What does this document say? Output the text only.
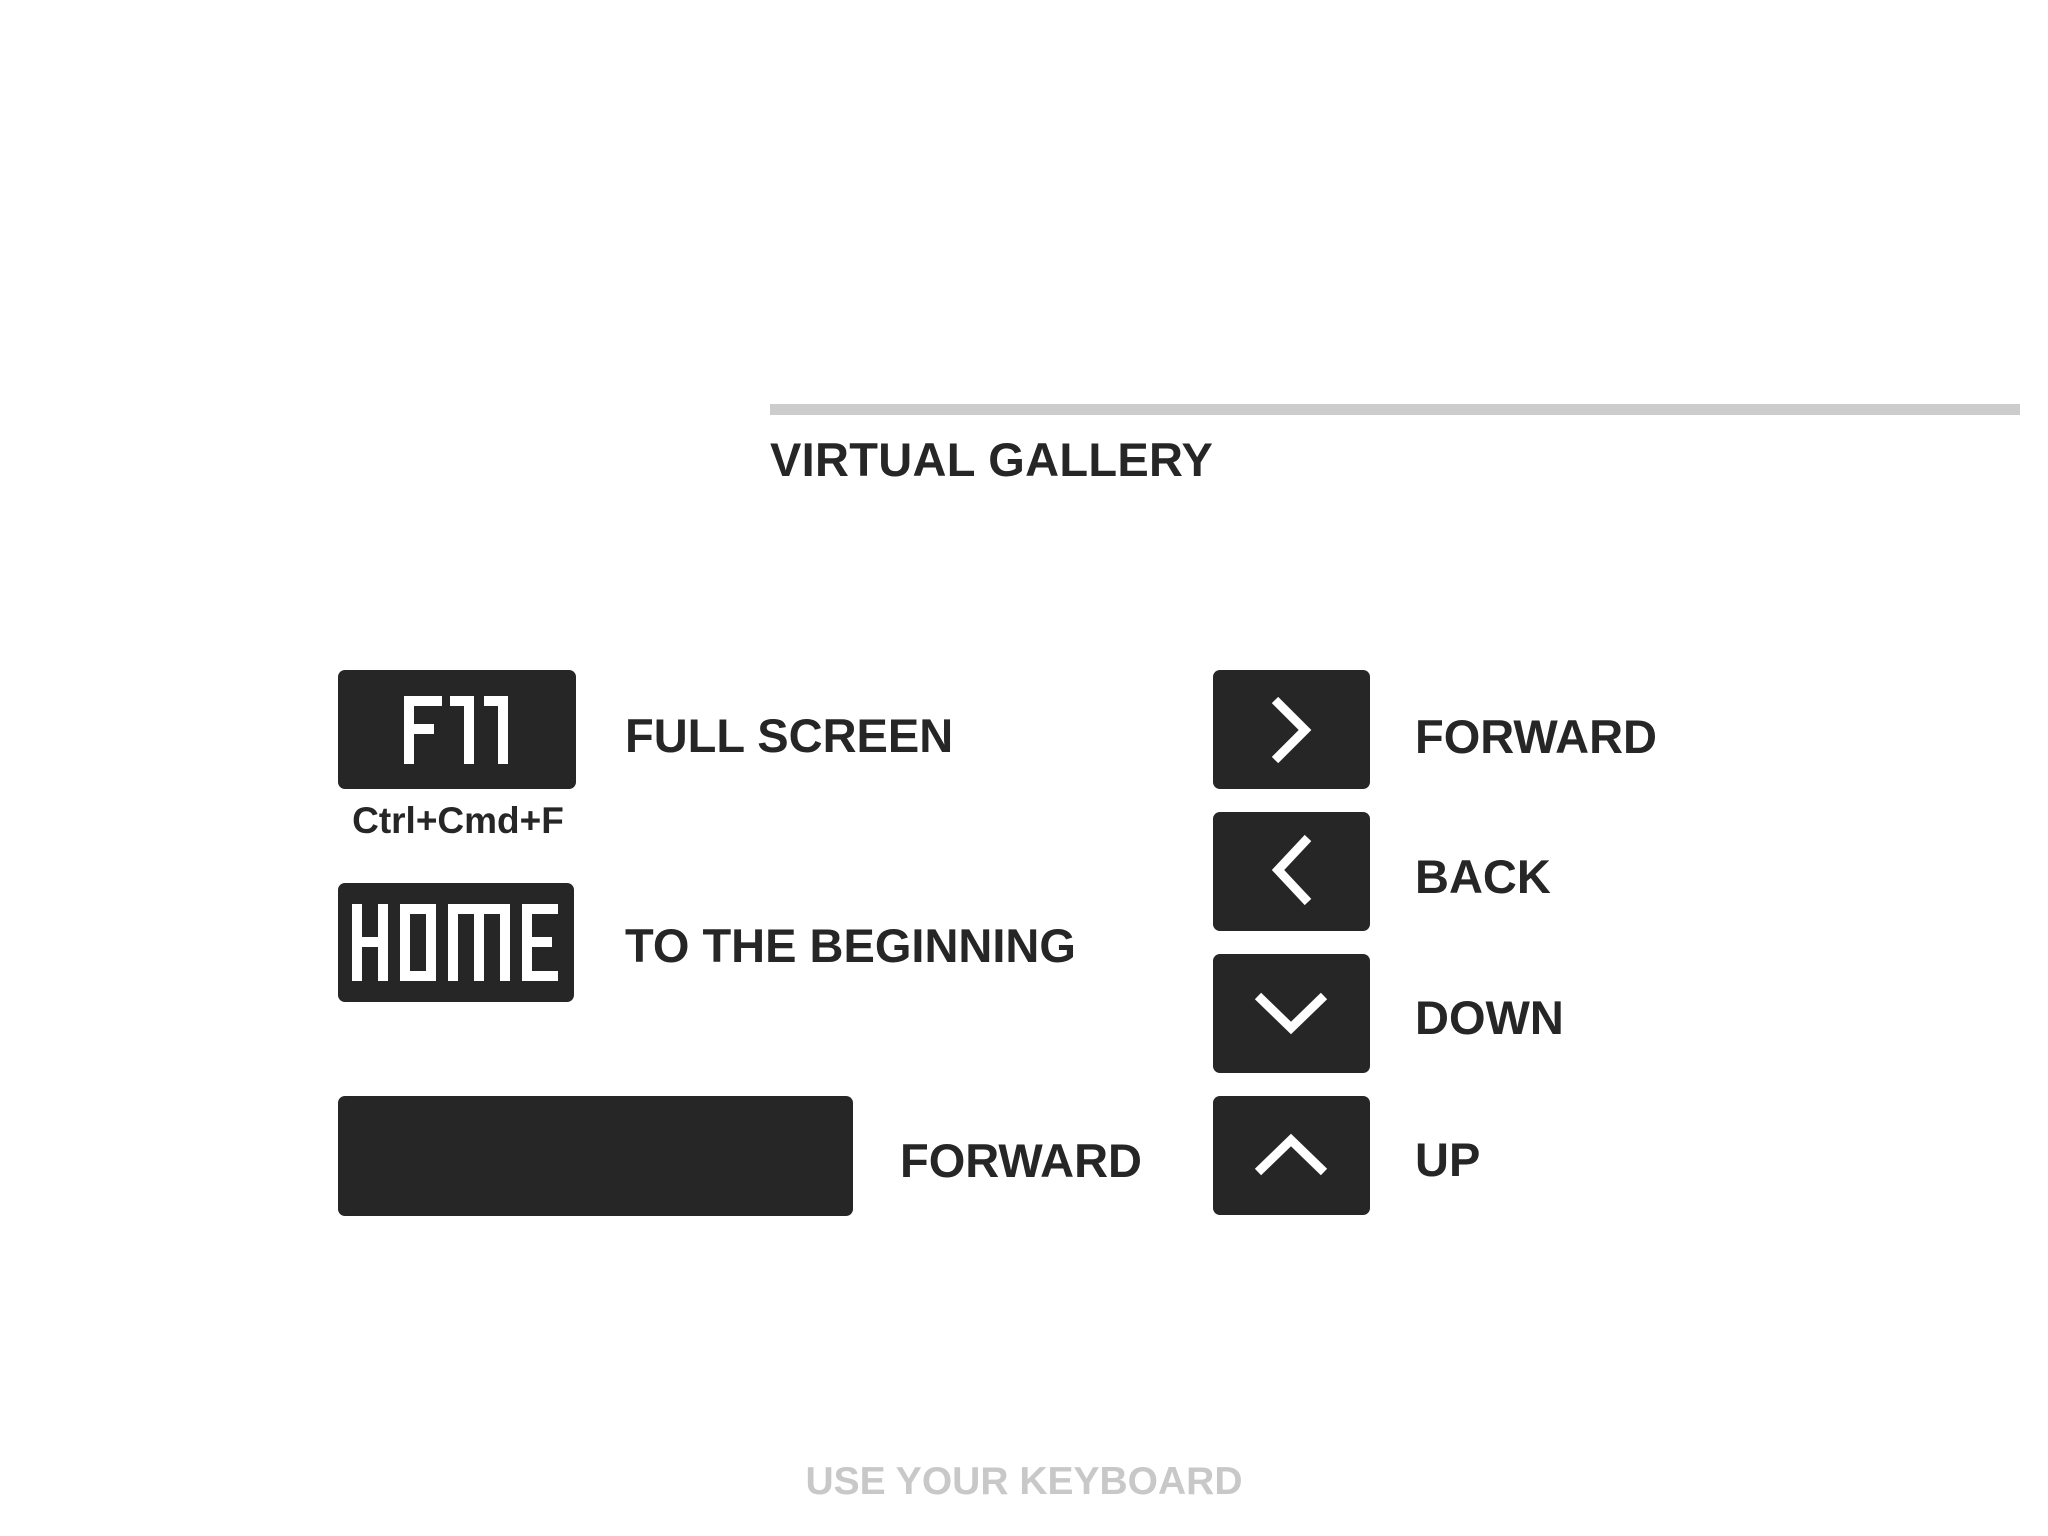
VIRTUAL GALLERY
Ctrl+Cmd+F
FULL SCREEN
TO THE BEGINNING
FORWARD
FORWARD
BACK
DOWN
UP
USE YOUR KEYBOARD
